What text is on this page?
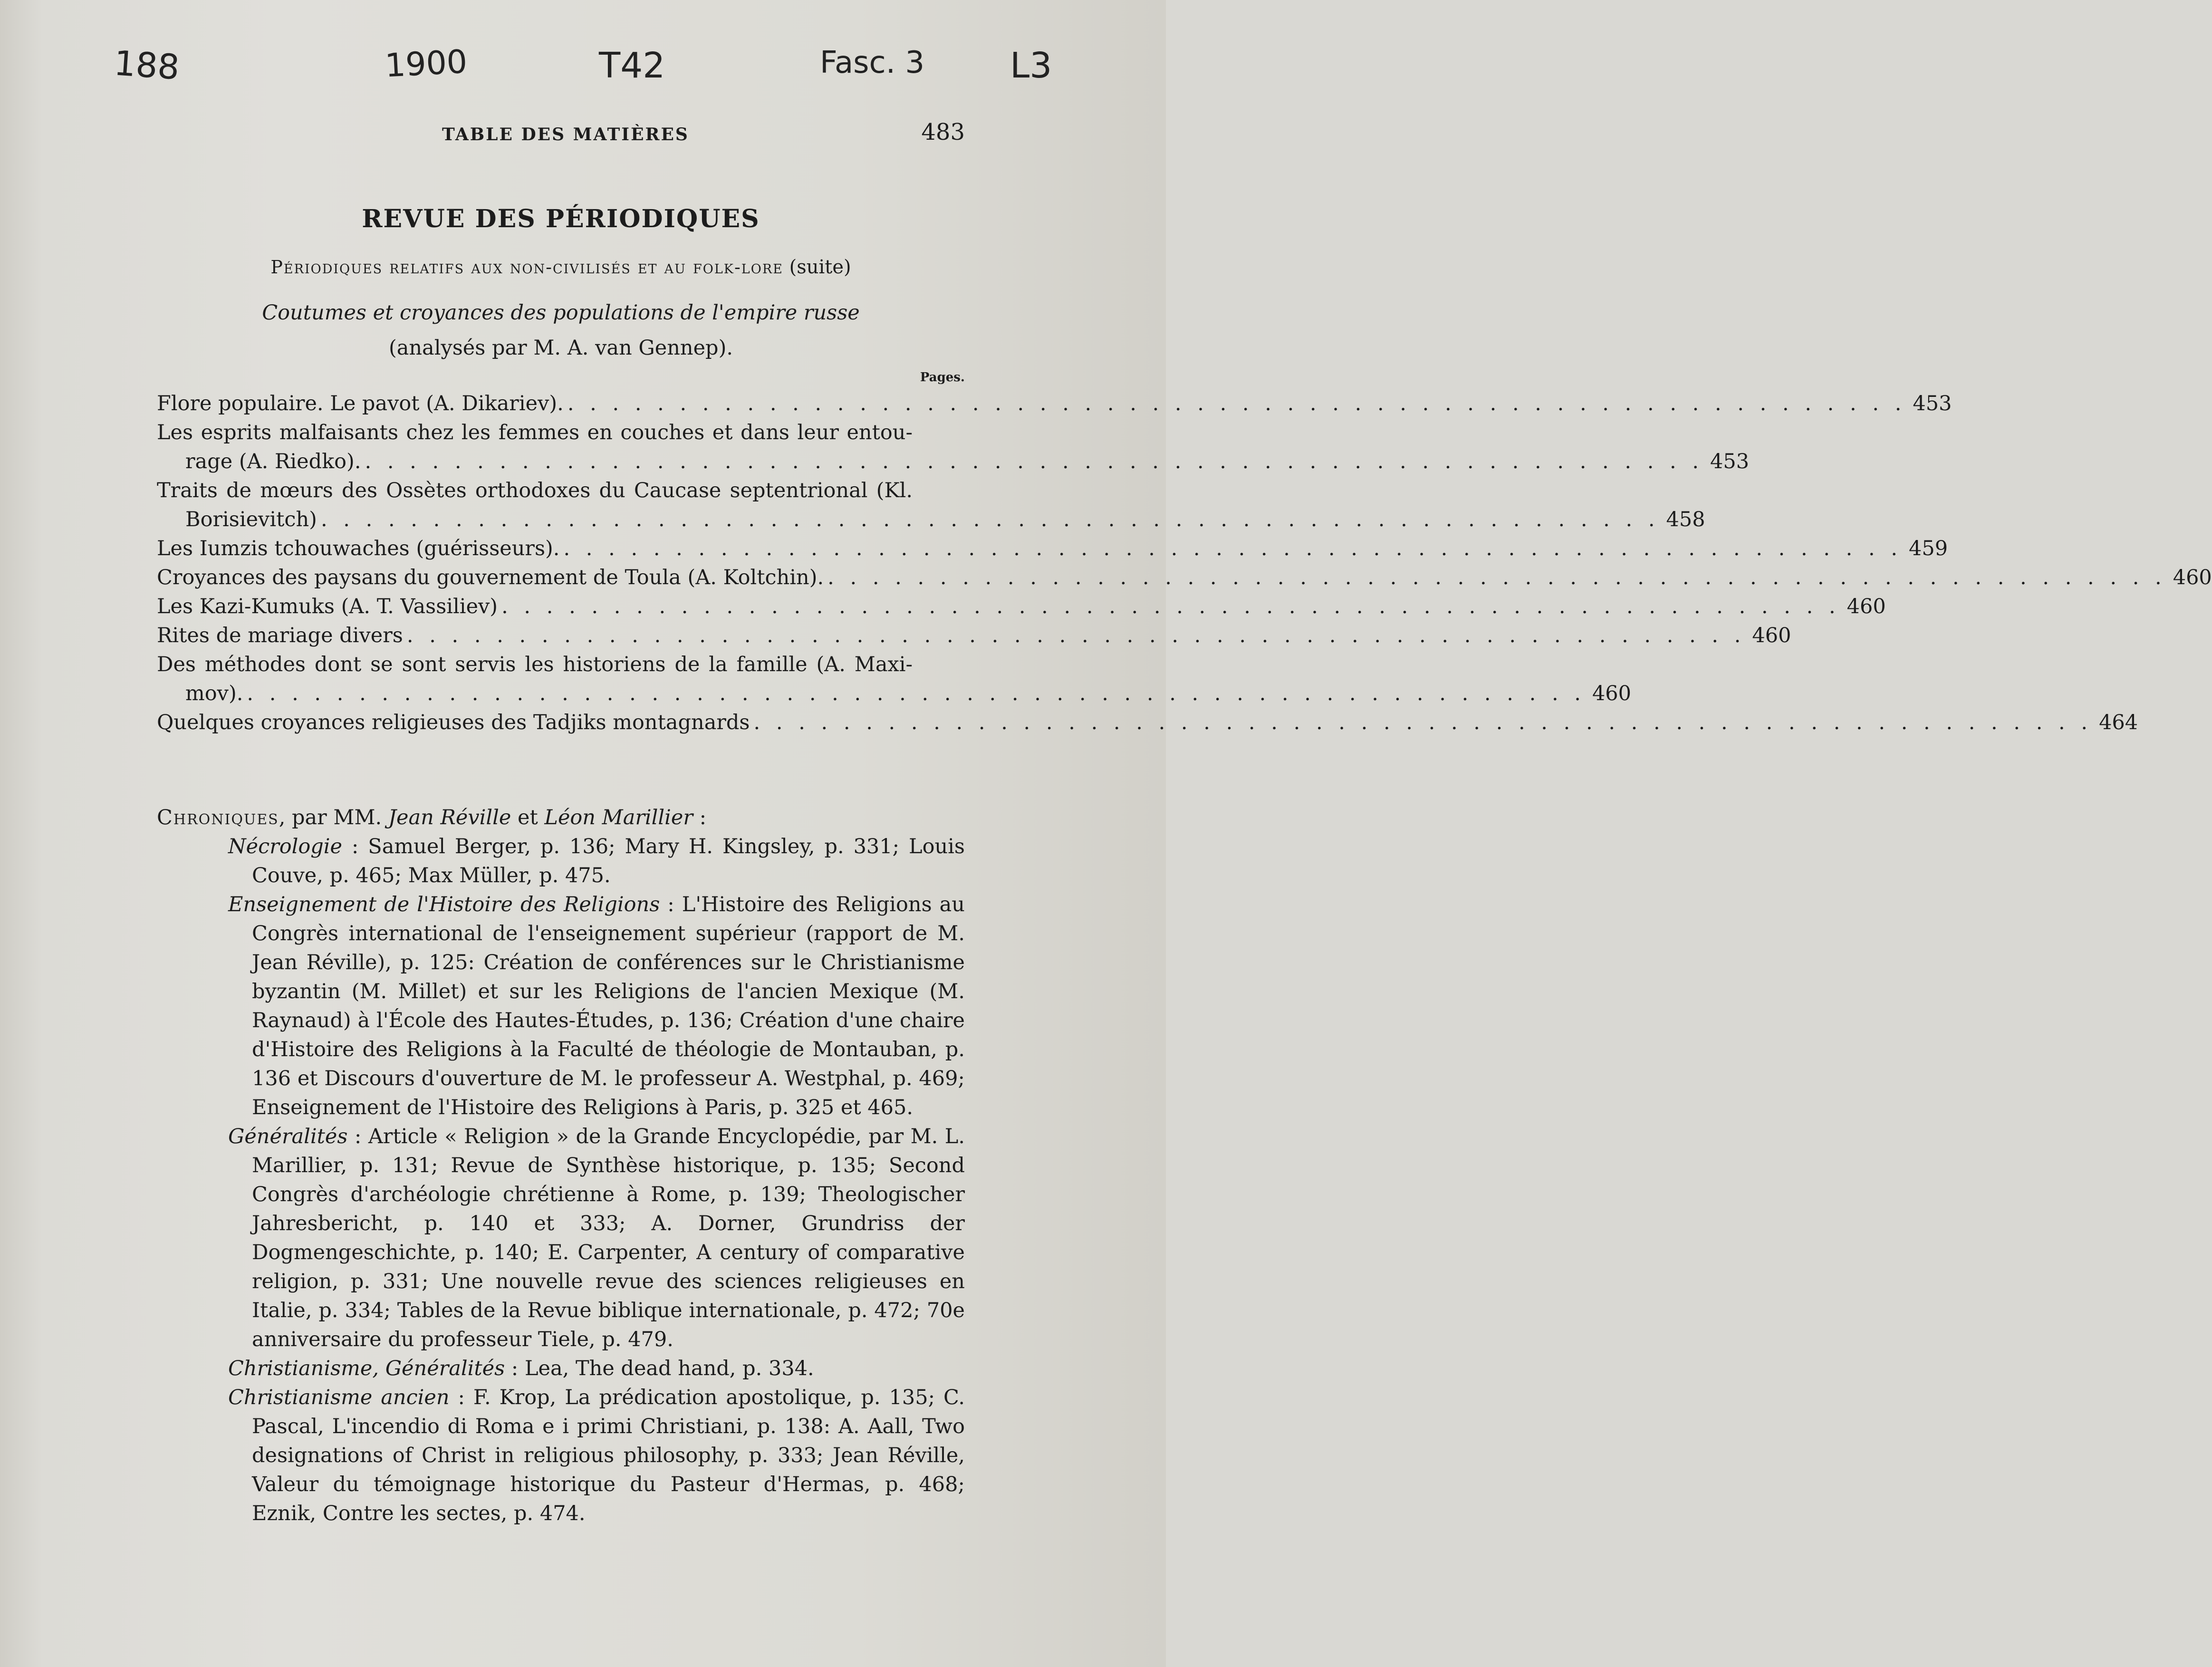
188	1900	T42	Fasc. 3 L3
TABLE DES MATIÈRES	483
REVUE DES PÉRIODIQUES
Périodiques relatifs aux non-civilisés et au folk-lore (suite)
Coutumes et croyances des populations de l'empire russe
(analysés par M. A. van Gennep).
Pages.
Flore populaire. Le pavot (A. Dikariev). . . . . . . . . . . . . . . . . . . . . . . . . . . . . . . . . . . . . . . . . . . . . . . . . . . . . . . . . . . . . 453
Les esprits malfaisants chez les femmes en couches et dans leur entou-
rage (A. Riedko). . . . . . . . . . . . . . . . . . . . . . . . . . . . . . . . . . . . . . . . . . . . . . . . . . . . . . . . . . . . . 453
Traits de mœurs des Ossètes orthodoxes du Caucase septentrional (Kl.
Borisievitch) . . . . . . . . . . . . . . . . . . . . . . . . . . . . . . . . . . . . . . . . . . . . . . . . . . . . . . . . . . . . 458
Les Iumzis tchouwaches (guérisseurs). . . . . . . . . . . . . . . . . . . . . . . . . . . . . . . . . . . . . . . . . . . . . . . . . . . . . . . . . . . . . 459
Croyances des paysans du gouvernement de Toula (A. Koltchin). . . . . . . . . . . . . . . . . . . . . . . . . . . . . . . . . . . . . . . . . . . . . . . . . . . . . . . . . . . . . 460
Les Kazi-Kumuks (A. T. Vassiliev) . . . . . . . . . . . . . . . . . . . . . . . . . . . . . . . . . . . . . . . . . . . . . . . . . . . . . . . . . . . . 460
Rites de mariage divers . . . . . . . . . . . . . . . . . . . . . . . . . . . . . . . . . . . . . . . . . . . . . . . . . . . . . . . . . . . . 460
Des méthodes dont se sont servis les historiens de la famille (A. Maxi-
mov). . . . . . . . . . . . . . . . . . . . . . . . . . . . . . . . . . . . . . . . . . . . . . . . . . . . . . . . . . . . . 460
Quelques croyances religieuses des Tadjiks montagnards . . . . . . . . . . . . . . . . . . . . . . . . . . . . . . . . . . . . . . . . . . . . . . . . . . . . . . . . . . . . 464

Chroniques, par MM. Jean Réville et Léon Marillier :

Nécrologie : Samuel Berger, p. 136; Mary H. Kingsley, p. 331; Louis Couve, p. 465; Max Müller, p. 475.

Enseignement de l'Histoire des Religions : L'Histoire des Religions au Congrès international de l'enseignement supérieur (rapport de M. Jean Réville), p. 125: Création de conférences sur le Christianisme byzantin (M. Millet) et sur les Religions de l'ancien Mexique (M. Raynaud) à l'École des Hautes-Études, p. 136; Création d'une chaire d'Histoire des Religions à la Faculté de théologie de Montauban, p. 136 et Discours d'ouverture de M. le professeur A. Westphal, p. 469; Enseignement de l'Histoire des Religions à Paris, p. 325 et 465.

Généralités : Article « Religion » de la Grande Encyclopédie, par M. L. Marillier, p. 131; Revue de Synthèse historique, p. 135; Second Congrès d'archéologie chrétienne à Rome, p. 139; Theologischer Jahresbericht, p. 140 et 333; A. Dorner, Grundriss der Dogmengeschichte, p. 140; E. Carpenter, A century of comparative religion, p. 331; Une nouvelle revue des sciences religieuses en Italie, p. 334; Tables de la Revue biblique internationale, p. 472; 70e anniversaire du professeur Tiele, p. 479.

Christianisme, Généralités : Lea, The dead hand, p. 334.

Christianisme ancien : F. Krop, La prédication apostolique, p. 135; C. Pascal, L'incendio di Roma e i primi Christiani, p. 138: A. Aall, Two designations of Christ in religious philosophy, p. 333; Jean Réville, Valeur du témoignage historique du Pasteur d'Hermas, p. 468; Eznik, Contre les sectes, p. 474.
